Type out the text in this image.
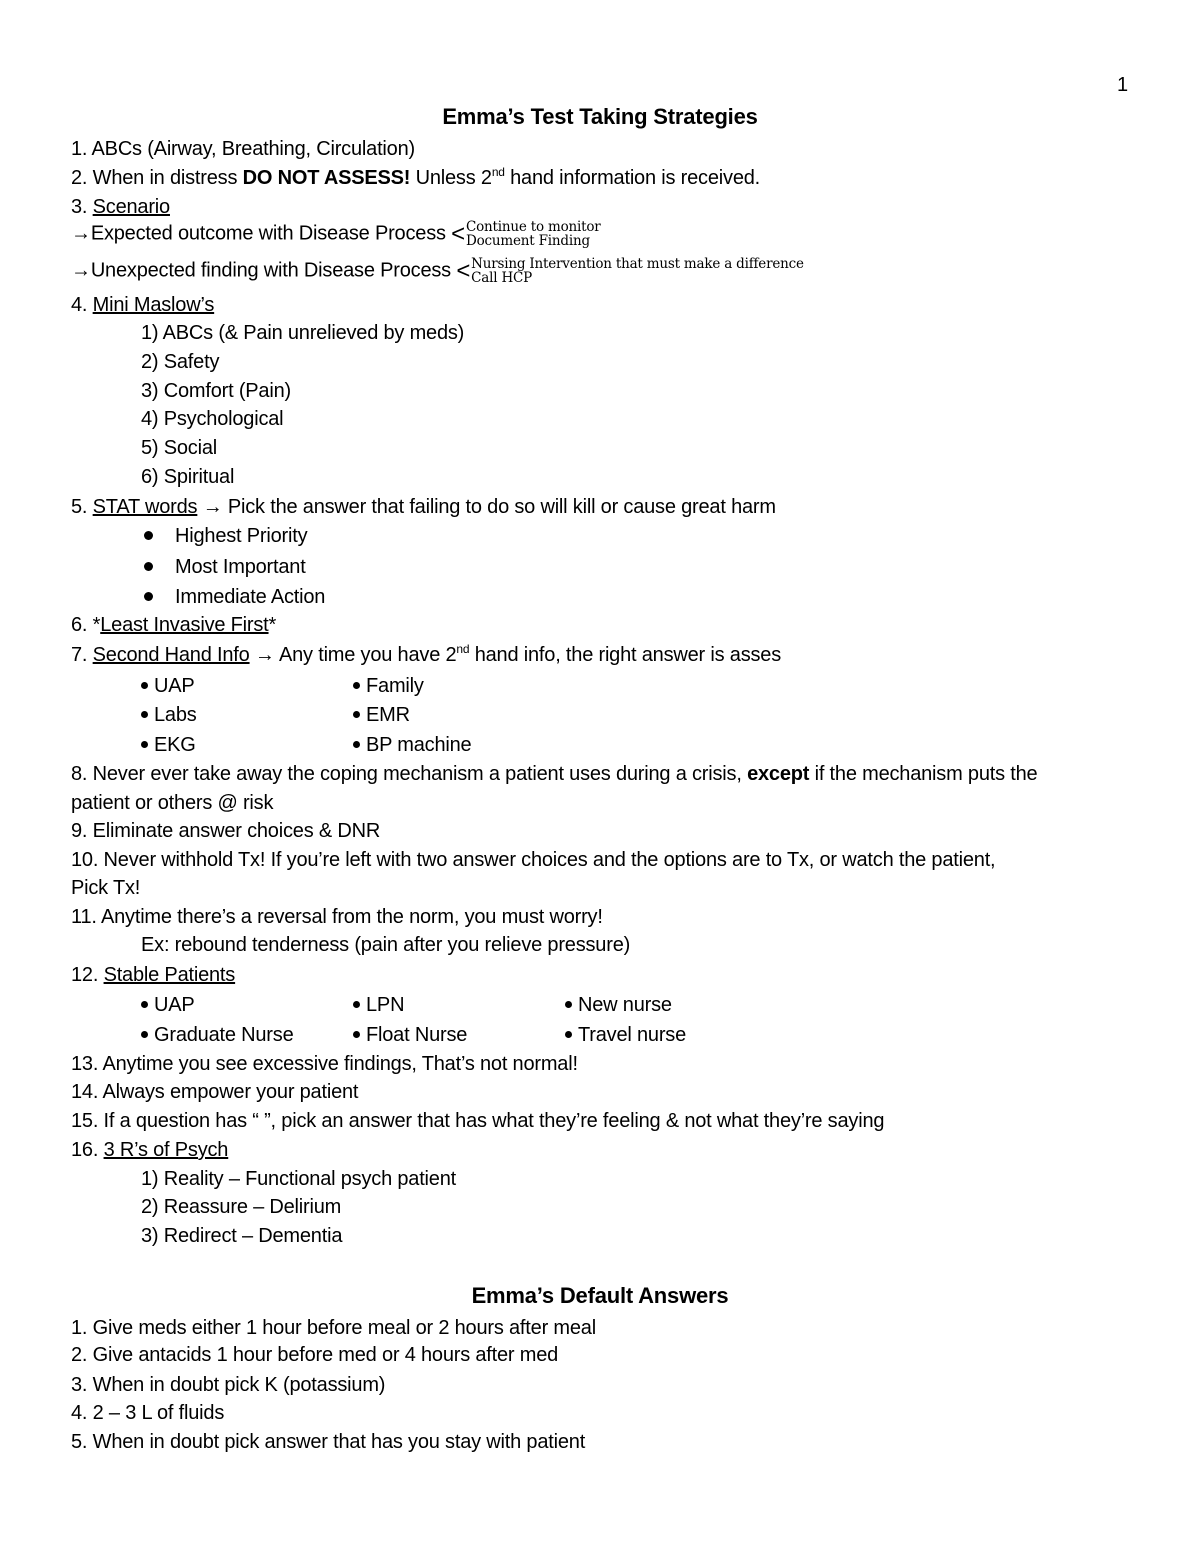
1
Emma’s Test Taking Strategies
1. ABCs (Airway, Breathing, Circulation)
2. When in distress DO NOT ASSESS! Unless 2nd hand information is received.
3. Scenario
→Expected outcome with Disease Process < Continue to monitor
Document Finding
→Unexpected finding with Disease Process < Nursing Intervention that must make a difference
Call HCP
4. Mini Maslow’s
1) ABCs (& Pain unrelieved by meds)
2) Safety
3) Comfort (Pain)
4) Psychological
5) Social
6) Spiritual
5. STAT words → Pick the answer that failing to do so will kill or cause great harm
Highest Priority
Most Important
Immediate Action
6. *Least Invasive First*
7. Second Hand Info → Any time you have 2nd hand info, the right answer is asses
UAP	Family
Labs	EMR
EKG	BP machine
8. Never ever take away the coping mechanism a patient uses during a crisis, except if the mechanism puts the
patient or others @ risk
9. Eliminate answer choices & DNR
10. Never withhold Tx! If you’re left with two answer choices and the options are to Tx, or watch the patient,
Pick Tx!
11. Anytime there’s a reversal from the norm, you must worry!
Ex: rebound tenderness (pain after you relieve pressure)
12. Stable Patients
UAP	LPN	New nurse
Graduate Nurse	Float Nurse	Travel nurse
13. Anytime you see excessive findings, That’s not normal!
14. Always empower your patient
15. If a question has “ ”, pick an answer that has what they’re feeling & not what they’re saying
16. 3 R’s of Psych
1) Reality – Functional psych patient
2) Reassure – Delirium
3) Redirect – Dementia
Emma’s Default Answers
1. Give meds either 1 hour before meal or 2 hours after meal
2. Give antacids 1 hour before med or 4 hours after med
3. When in doubt pick K (potassium)
4. 2 – 3 L of fluids
5. When in doubt pick answer that has you stay with patient
